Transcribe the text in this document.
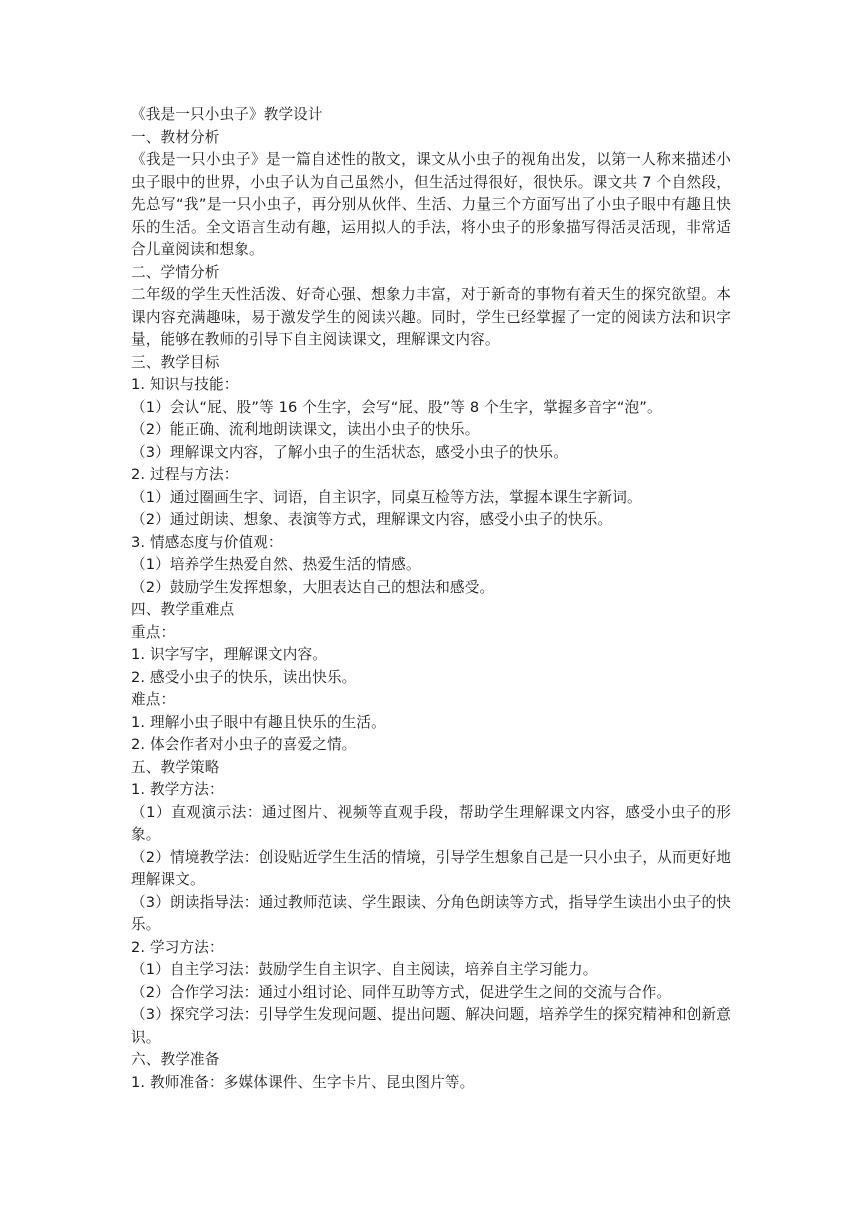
《我是一只小虫子》教学设计

一、教材分析

《我是一只小虫子》是一篇自述性的散文，课文从小虫子的视角出发，以第一人称来描述小虫子眼中的世界，小虫子认为自己虽然小，但生活过得很好，很快乐。课文共 7 个自然段，先总写“我”是一只小虫子，再分别从伙伴、生活、力量三个方面写出了小虫子眼中有趣且快乐的生活。全文语言生动有趣，运用拟人的手法，将小虫子的形象描写得活灵活现，非常适合儿童阅读和想象。

二、学情分析

二年级的学生天性活泼、好奇心强、想象力丰富，对于新奇的事物有着天生的探究欲望。本课内容充满趣味，易于激发学生的阅读兴趣。同时，学生已经掌握了一定的阅读方法和识字量，能够在教师的引导下自主阅读课文，理解课文内容。

三、教学目标

1. 知识与技能：

（1）会认“屁、股”等 16 个生字，会写“屁、股”等 8 个生字，掌握多音字“泡”。

（2）能正确、流利地朗读课文，读出小虫子的快乐。

（3）理解课文内容，了解小虫子的生活状态，感受小虫子的快乐。

2. 过程与方法：

（1）通过圈画生字、词语，自主识字，同桌互检等方法，掌握本课生字新词。

（2）通过朗读、想象、表演等方式，理解课文内容，感受小虫子的快乐。

3. 情感态度与价值观：

（1）培养学生热爱自然、热爱生活的情感。

（2）鼓励学生发挥想象，大胆表达自己的想法和感受。

四、教学重难点

重点：

1. 识字写字，理解课文内容。

2. 感受小虫子的快乐，读出快乐。

难点：

1. 理解小虫子眼中有趣且快乐的生活。

2. 体会作者对小虫子的喜爱之情。

五、教学策略

1. 教学方法：

（1）直观演示法：通过图片、视频等直观手段，帮助学生理解课文内容，感受小虫子的形象。

（2）情境教学法：创设贴近学生生活的情境，引导学生想象自己是一只小虫子，从而更好地理解课文。

（3）朗读指导法：通过教师范读、学生跟读、分角色朗读等方式，指导学生读出小虫子的快乐。

2. 学习方法：

（1）自主学习法：鼓励学生自主识字、自主阅读，培养自主学习能力。

（2）合作学习法：通过小组讨论、同伴互助等方式，促进学生之间的交流与合作。

（3）探究学习法：引导学生发现问题、提出问题、解决问题，培养学生的探究精神和创新意识。

六、教学准备

1. 教师准备：多媒体课件、生字卡片、昆虫图片等。
